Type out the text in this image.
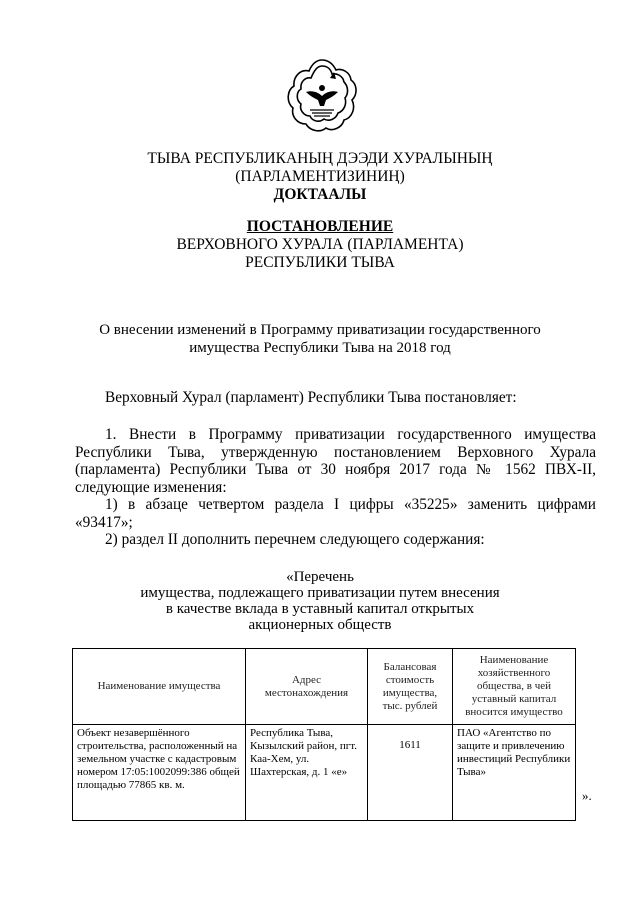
ТЫВА РЕСПУБЛИКАНЫҢ ДЭЭДИ ХУРАЛЫНЫҢ
(ПАРЛАМЕНТИЗИНИҢ)
ДОКТААЛЫ
ПОСТАНОВЛЕНИЕ
ВЕРХОВНОГО ХУРАЛА (ПАРЛАМЕНТА)
РЕСПУБЛИКИ ТЫВА
О внесении изменений в Программу приватизации государственного
имущества Республики Тыва на 2018 год
Верховный Хурал (парламент) Республики Тыва постановляет:
1. Внести в Программу приватизации государственного имущества Республики Тыва, утвержденную постановлением Верховного Хурала (парламента) Республики Тыва от 30 ноября 2017 года № 1562 ПВХ-II, следующие изменения:
1) в абзаце четвертом раздела I цифры «35225» заменить цифрами «93417»;
2) раздел II дополнить перечнем следующего содержания:
«Перечень
имущества, подлежащего приватизации путем внесения
в качестве вклада в уставный капитал открытых
акционерных обществ
Наименование имущества	Адрес местонахождения	Балансовая стоимость имущества, тыс. рублей	Наименование хозяйственного общества, в чей уставный капитал вносится имущество
Объект незавершённого строительства, расположенный на земельном участке с кадастровым номером 17:05:1002099:386 общей площадью 77865 кв. м.	Республика Тыва, Кызылский район, пгт. Каа-Хем, ул. Шахтерская, д. 1 «е»	1611	ПАО «Агентство по защите и привлечению инвестиций Республики Тыва»
».
